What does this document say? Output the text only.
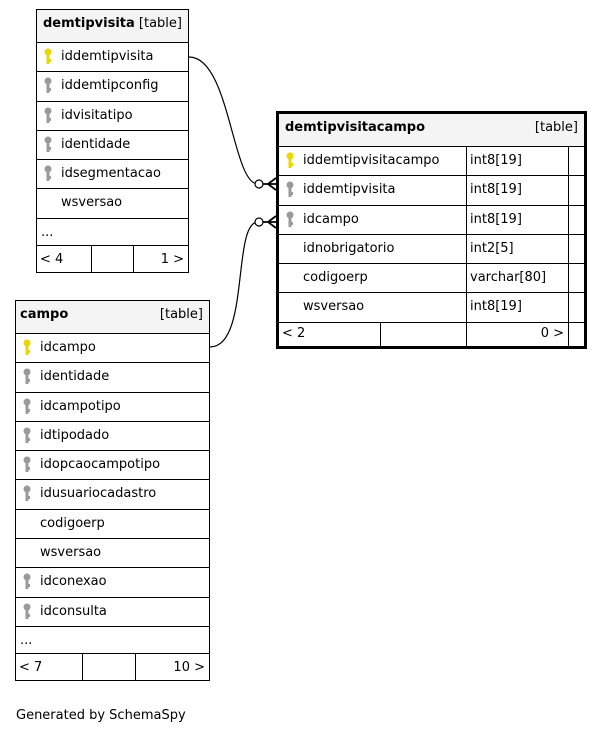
demtipvisita [table]
iddemtipvisita
iddemtipconfig
idvisitatipo
identidade
idsegmentacao
wsversao
...
< 4	1 >
demtipvisitacampo	[table]
iddemtipvisitacampo int8[19]
iddemtipvisita	int8[19]
idcampo	int8[19]
idnobrigatorio	int2[5]
codigoerp	varchar[80]
wsversao	int8[19]
< 2	0 >
campo	[table]
idcampo
identidade
idcampotipo
idtipodado
idopcaocampotipo
idusuariocadastro
codigoerp
wsversao
idconexao
idconsulta
...
< 7	10 >
Generated by SchemaSpy
